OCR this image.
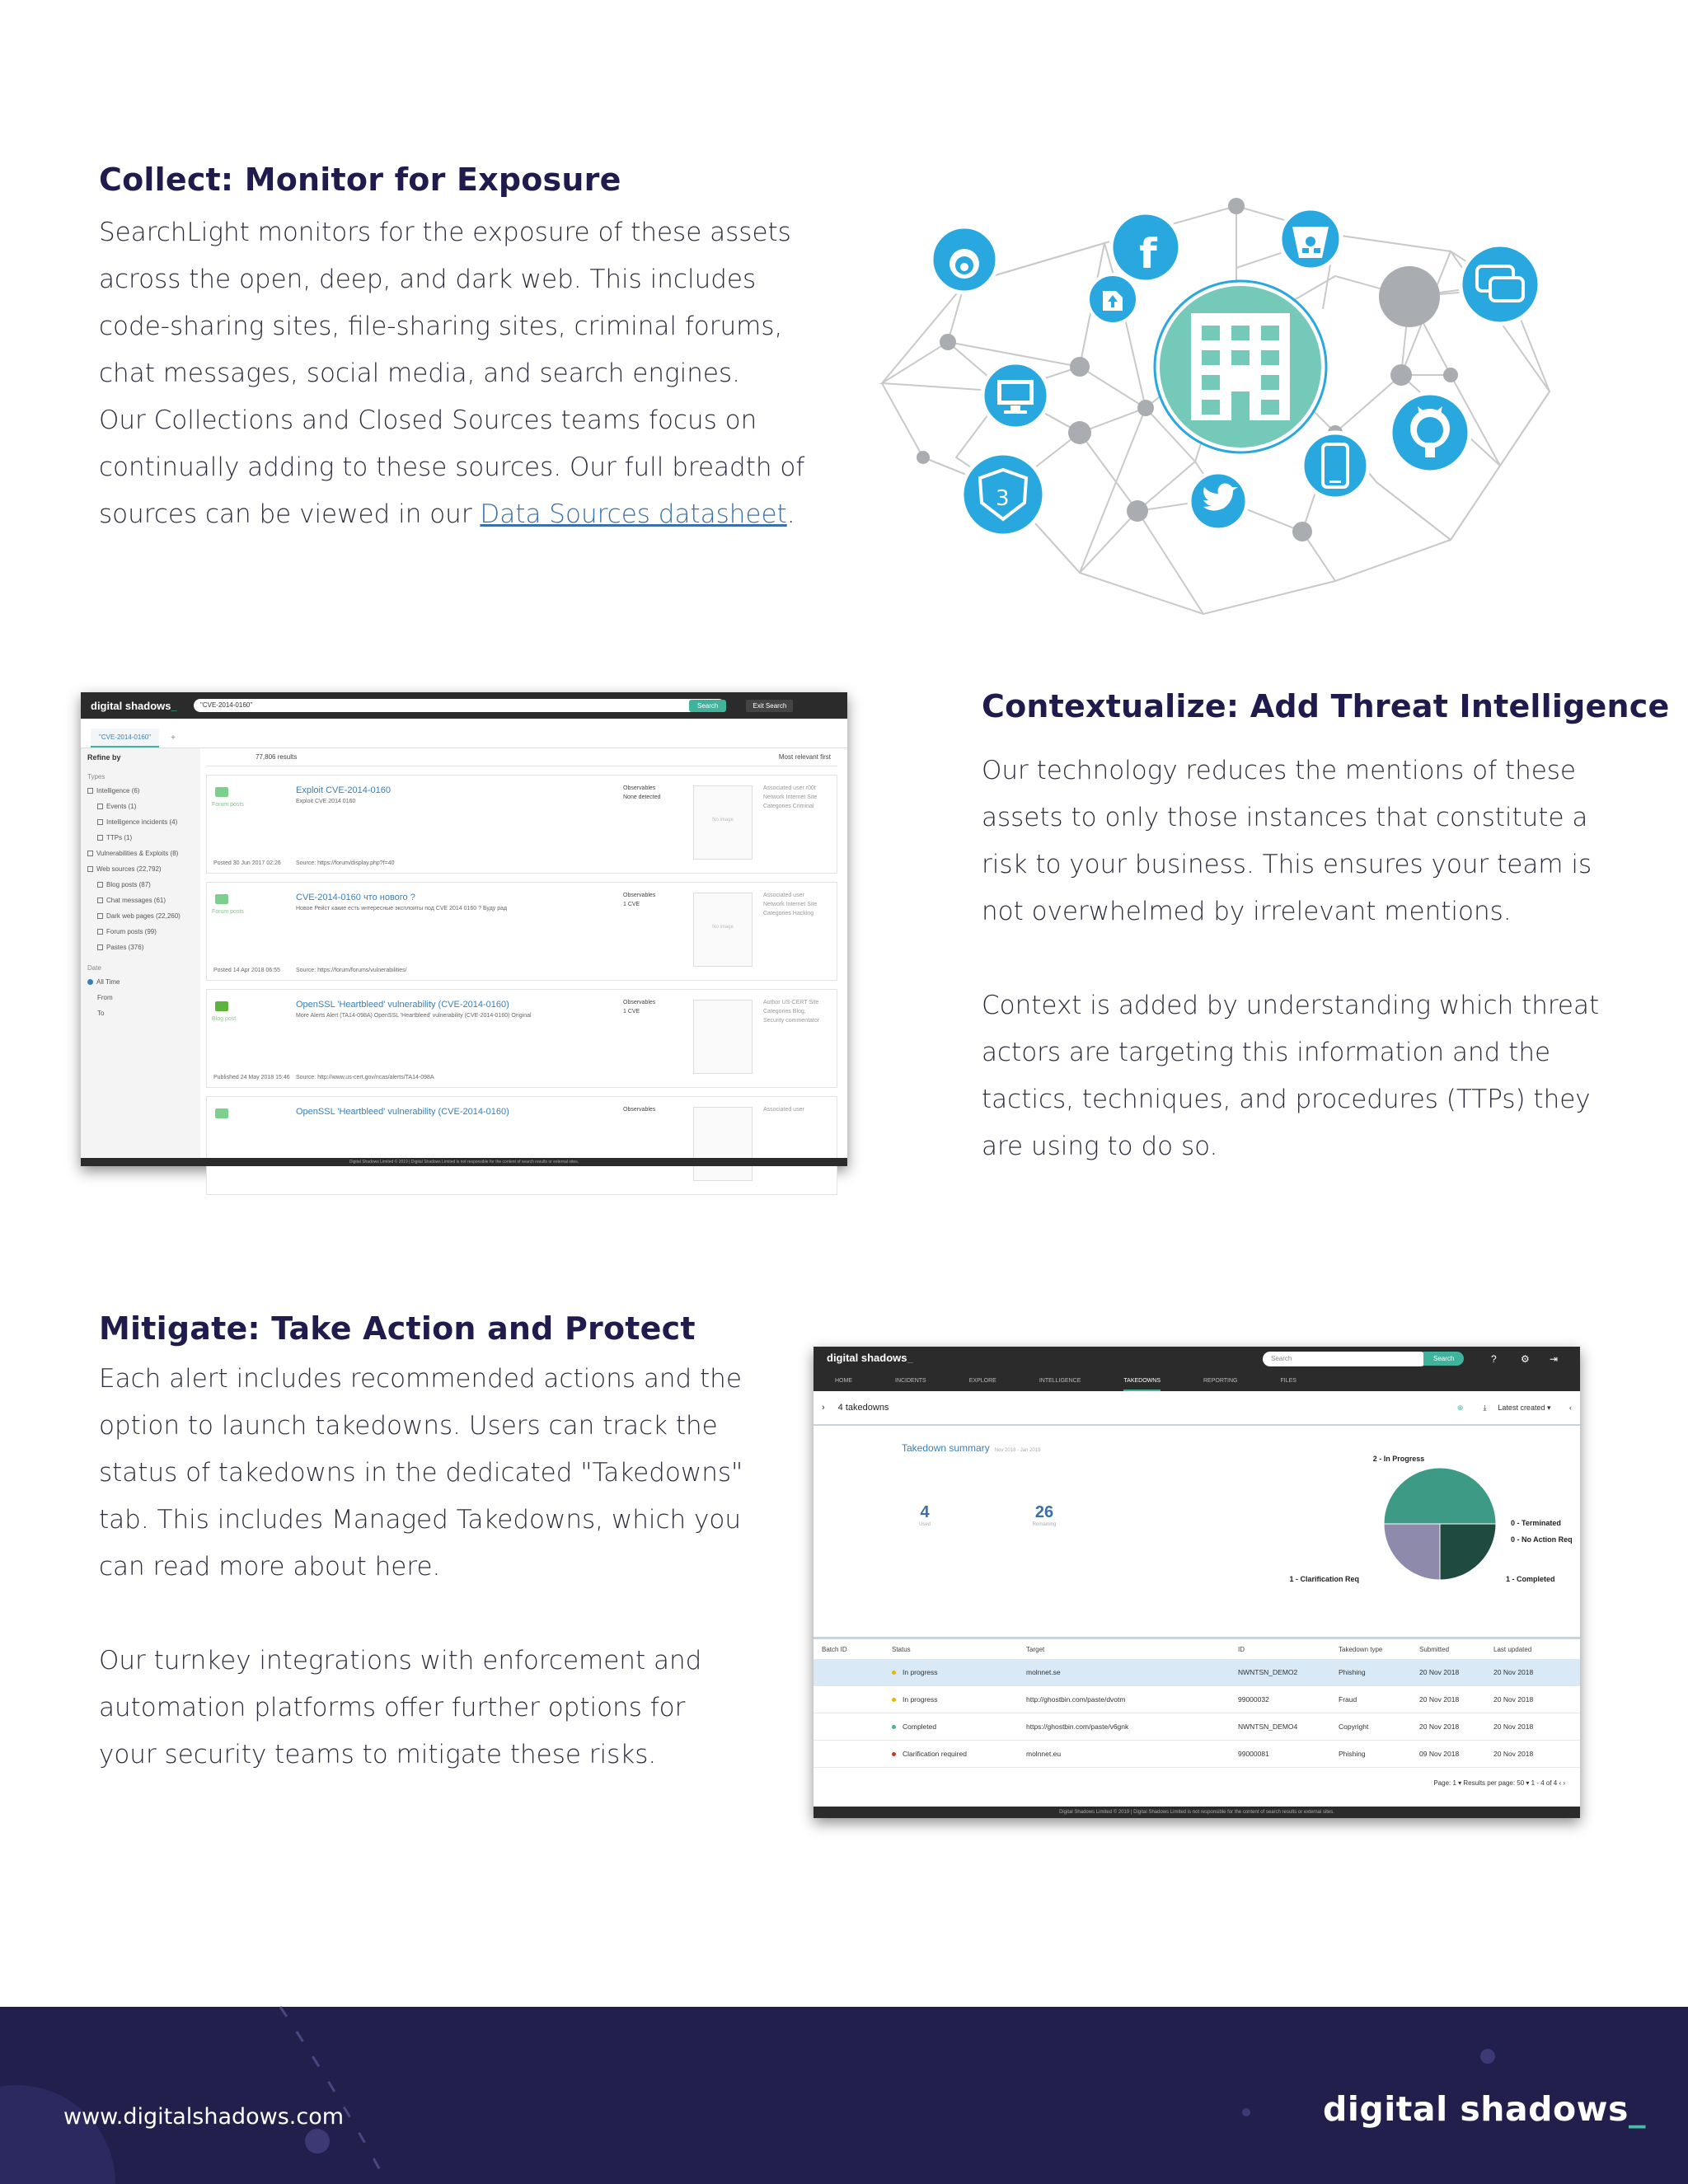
Collect: Monitor for Exposure

SearchLight monitors for the exposure of these assets

across the open, deep, and dark web. This includes

code-sharing sites, file-sharing sites, criminal forums,

chat messages, social media, and search engines.

Our Collections and Closed Sources teams focus on

continually adding to these sources. Our full breadth of

sources can be viewed in our Data Sources datasheet.

f
3
digital shadows_	"CVE-2014-0160"	Search	Exit Search
"CVE-2014-0160"	+
Refine by
Types
Intelligence (6)
Events (1)
Intelligence incidents (4)
TTPs (1)
Vulnerabilities & Exploits (8)
Web sources (22,792)
Blog posts (87)
Chat messages (61)
Dark web pages (22,260)
Forum posts (99)
Pastes (376)
Date
All Time
From
To
77,806 results	Most relevant first
Forum posts
Exploit CVE-2014-0160
Exploit CVE 2014 0160
Posted 30 Jun 2017 02:26	Source: https://forum/display.php?f=40
Observables
None detected
No image
Associated user r00t Network Internet Site Categories Criminal
Forum posts
CVE-2014-0160 что нового ?
Новое Рейст какие есть интересные эксплоиты под CVE 2014 0160 ? Буду рад
Posted 14 Apr 2018 06:55	Source: https://forum/forums/vulnerabilities/
Observables
1 CVE
No image
Associated user Network Internet Site Categories Hacking
Blog post
OpenSSL 'Heartbleed' vulnerability (CVE-2014-0160)
More Alerts Alert (TA14-098A) OpenSSL 'Heartbleed' vulnerability (CVE-2014-0160) Original
Published 24 May 2018 15:46 Source: http://www.us-cert.gov/ncas/alerts/TA14-098A
Observables
1 CVE
Author US-CERT Site Categories Blog, Security commentator
OpenSSL 'Heartbleed' vulnerability (CVE-2014-0160)	Observables	Associated user
Digital Shadows Limited © 2019 | Digital Shadows Limited is not responsible for the content of search results or external sites.
Contextualize: Add Threat Intelligence

Our technology reduces the mentions of these

assets to only those instances that constitute a

risk to your business. This ensures your team is

not overwhelmed by irrelevant mentions.

Context is added by understanding which threat

actors are targeting this information and the

tactics, techniques, and procedures (TTPs) they

are using to do so.

Mitigate: Take Action and Protect

Each alert includes recommended actions and the

option to launch takedowns. Users can track the

status of takedowns in the dedicated "Takedowns"

tab. This includes Managed Takedowns, which you

can read more about here.

Our turnkey integrations with enforcement and

automation platforms offer further options for

your security teams to mitigate these risks.

digital shadows_	Search	Search	? ⚙ ⇥
HOME	INCIDENTS	EXPLORE	INTELLIGENCE	TAKEDOWNS	REPORTING	FILES
› 4 takedowns	⊕	⤓ Latest created ▾ ‹
Takedown summary Nov 2018 - Jan 2019
4
Used
26
Remaining
2 - In Progress
1 - Completed
1 - Clarification Req
0 - Terminated
0 - No Action Req
Batch ID	Status	Target	ID	Takedown type	Submitted	Last updated
In progress	molnnet.se	NWNTSN_DEMO2	Phishing	20 Nov 2018	20 Nov 2018
In progress	http://ghostbin.com/paste/dvotm	99000032	Fraud	20 Nov 2018	20 Nov 2018
Completed	https://ghostbin.com/paste/v6gnk	NWNTSN_DEMO4	Copyright	20 Nov 2018	20 Nov 2018
Clarification required	molnnet.eu	99000081	Phishing	09 Nov 2018	20 Nov 2018
Page: 1 ▾ Results per page: 50 ▾ 1 - 4 of 4 ‹ ›
Digital Shadows Limited © 2019 | Digital Shadows Limited is not responsible for the content of search results or external sites.
www.digitalshadows.com	digital shadows_
